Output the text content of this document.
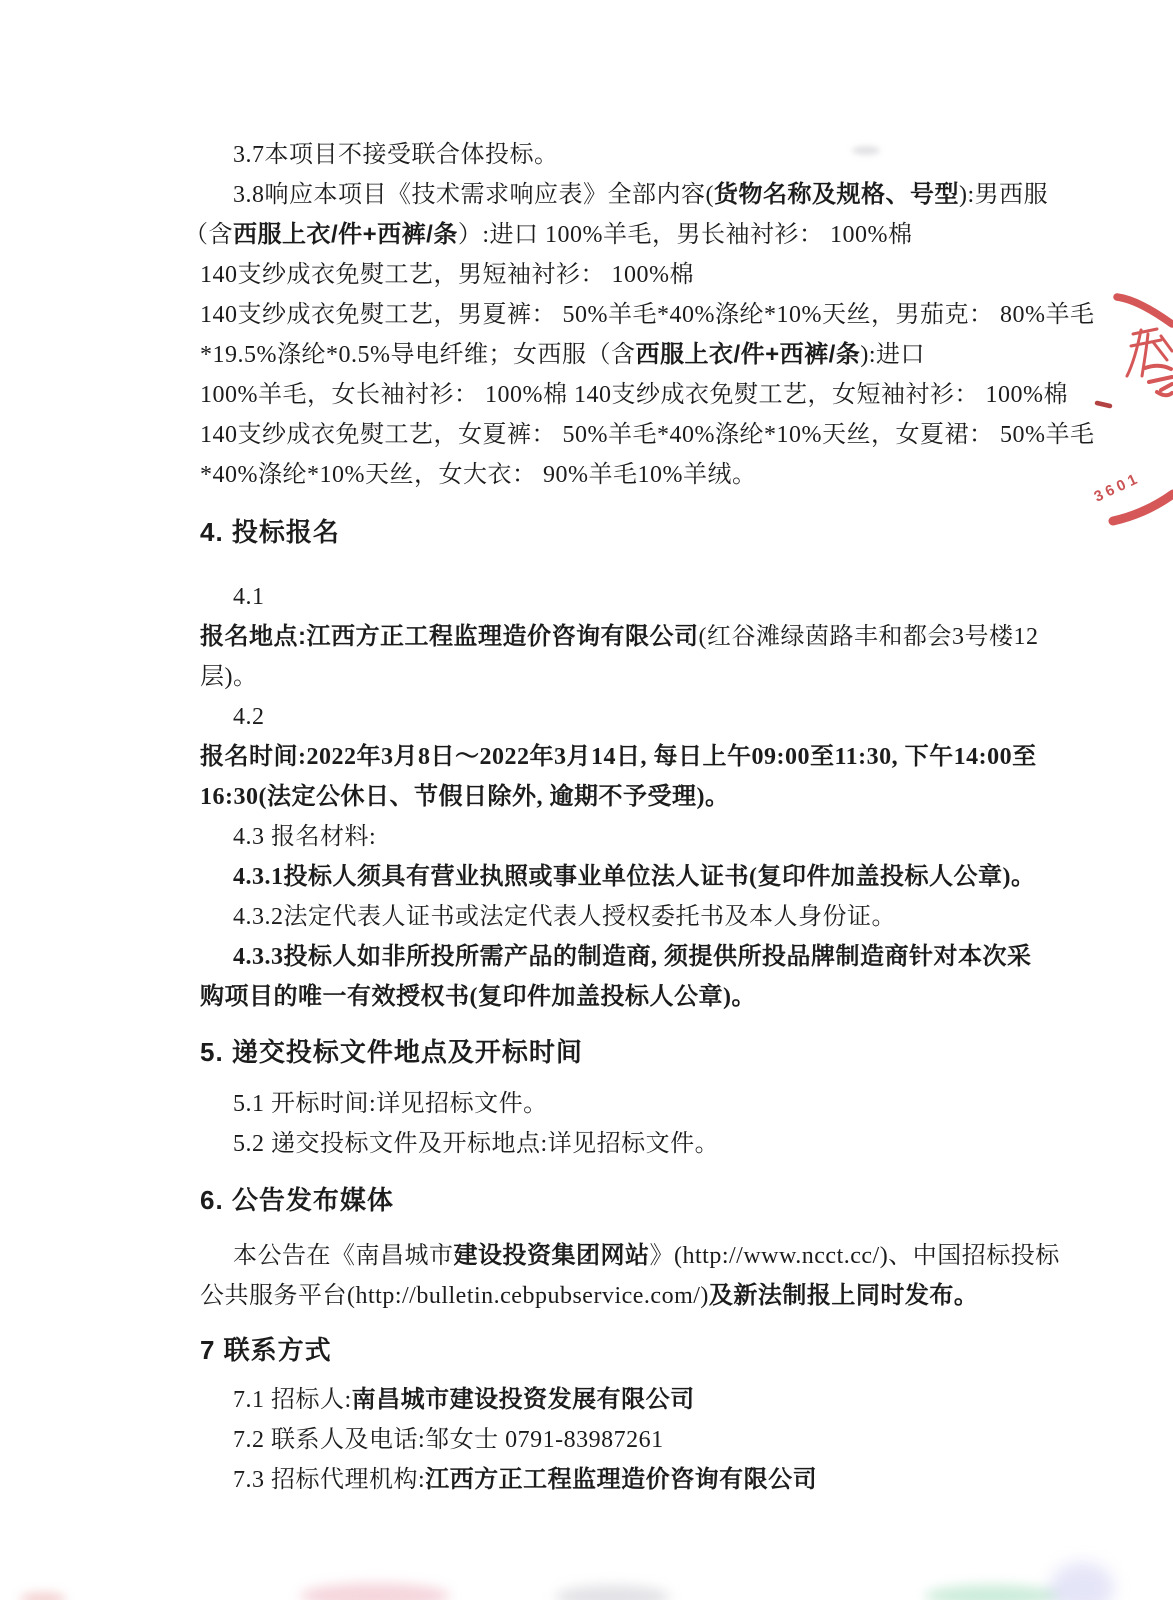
3.7本项目不接受联合体投标。

3.8响应本项目《技术需求响应表》全部内容(货物名称及规格、号型):男西服

（含西服上衣/件+西裤/条）:进口 100%羊毛，男长袖衬衫： 100%棉

140支纱成衣免熨工艺，男短袖衬衫： 100%棉

140支纱成衣免熨工艺，男夏裤： 50%羊毛*40%涤纶*10%天丝，男茄克： 80%羊毛

*19.5%涤纶*0.5%导电纤维；女西服（含西服上衣/件+西裤/条):进口

100%羊毛，女长袖衬衫： 100%棉 140支纱成衣免熨工艺，女短袖衬衫： 100%棉

140支纱成衣免熨工艺，女夏裤： 50%羊毛*40%涤纶*10%天丝，女夏裙： 50%羊毛

*40%涤纶*10%天丝，女大衣： 90%羊毛10%羊绒。

4. 投标报名

4.1

报名地点:江西方正工程监理造价咨询有限公司(红谷滩绿茵路丰和都会3号楼12

层)。

4.2

报名时间:2022年3月8日～2022年3月14日, 每日上午09:00至11:30, 下午14:00至

16:30(法定公休日、节假日除外, 逾期不予受理)。

4.3 报名材料:

4.3.1投标人须具有营业执照或事业单位法人证书(复印件加盖投标人公章)。

4.3.2法定代表人证书或法定代表人授权委托书及本人身份证。

4.3.3投标人如非所投所需产品的制造商, 须提供所投品牌制造商针对本次采

购项目的唯一有效授权书(复印件加盖投标人公章)。

5. 递交投标文件地点及开标时间

5.1 开标时间:详见招标文件。

5.2 递交投标文件及开标地点:详见招标文件。

6. 公告发布媒体

本公告在《南昌城市建设投资集团网站》(http://www.ncct.cc/)、中国招标投标

公共服务平台(http://bulletin.cebpubservice.com/)及新法制报上同时发布。

7 联系方式

7.1 招标人:南昌城市建设投资发展有限公司

7.2 联系人及电话:邹女士 0791-83987261

7.3 招标代理机构:江西方正工程监理造价咨询有限公司

3601
